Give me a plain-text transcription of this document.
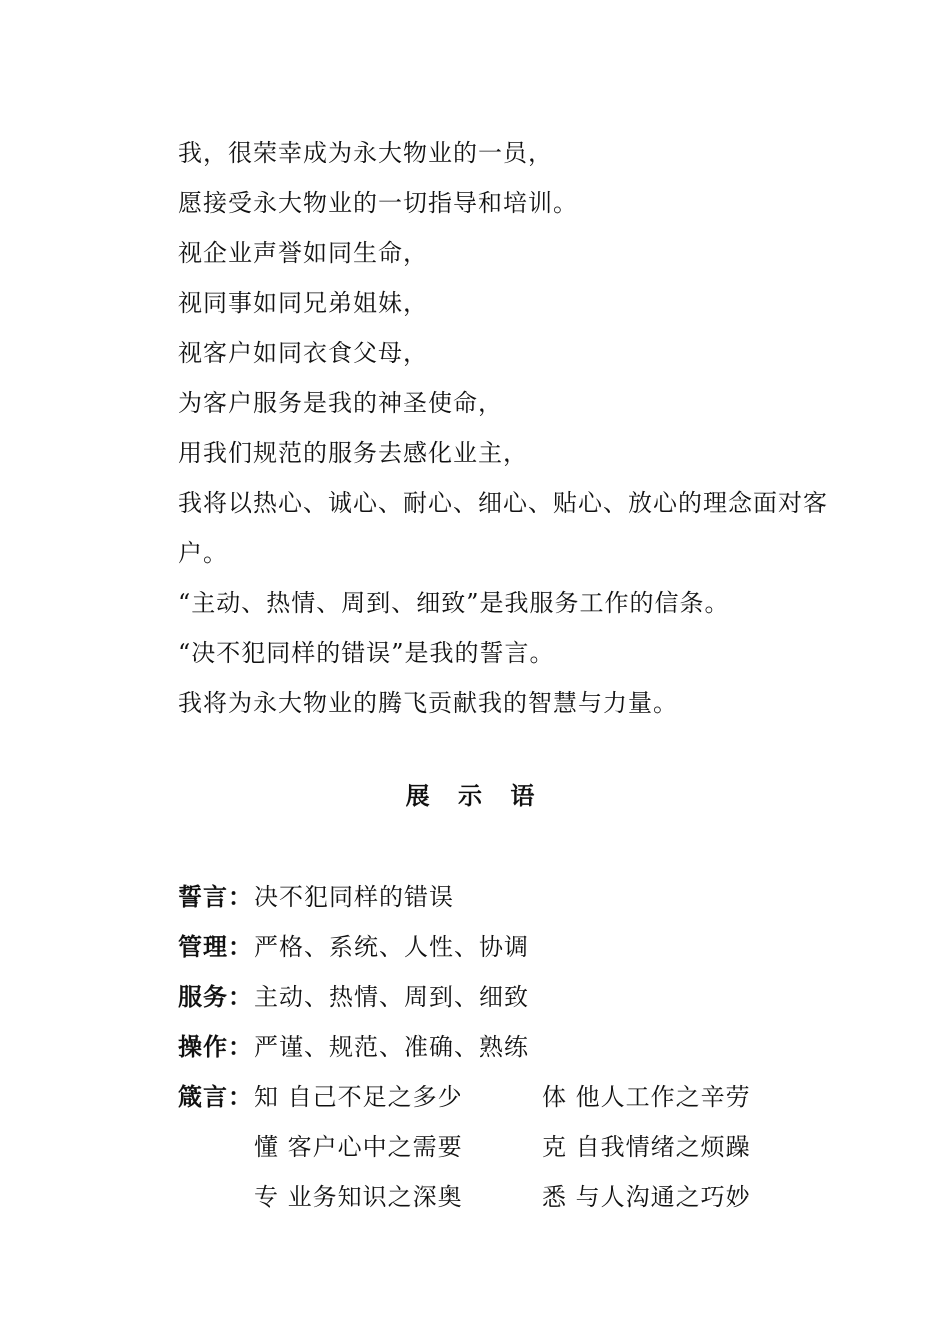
我，很荣幸成为永大物业的一员，
愿接受永大物业的一切指导和培训。
视企业声誉如同生命，
视同事如同兄弟姐妹，
视客户如同衣食父母，
为客户服务是我的神圣使命，
用我们规范的服务去感化业主，
我将以热心、诚心、耐心、细心、贴心、放心的理念面对客
户。
“主动、热情、周到、细致”是我服务工作的信条。
“决不犯同样的错误”是我的誓言。
我将为永大物业的腾飞贡献我的智慧与力量。
展 示 语
誓言： 决不犯同样的错误
管理： 严格、系统、人性、协调
服务： 主动、热情、周到、细致
操作： 严谨、规范、准确、熟练
箴言： 知 自己不足之多少	体 他人工作之辛劳
懂 客户心中之需要	克 自我情绪之烦躁
专 业务知识之深奥	悉 与人沟通之巧妙
